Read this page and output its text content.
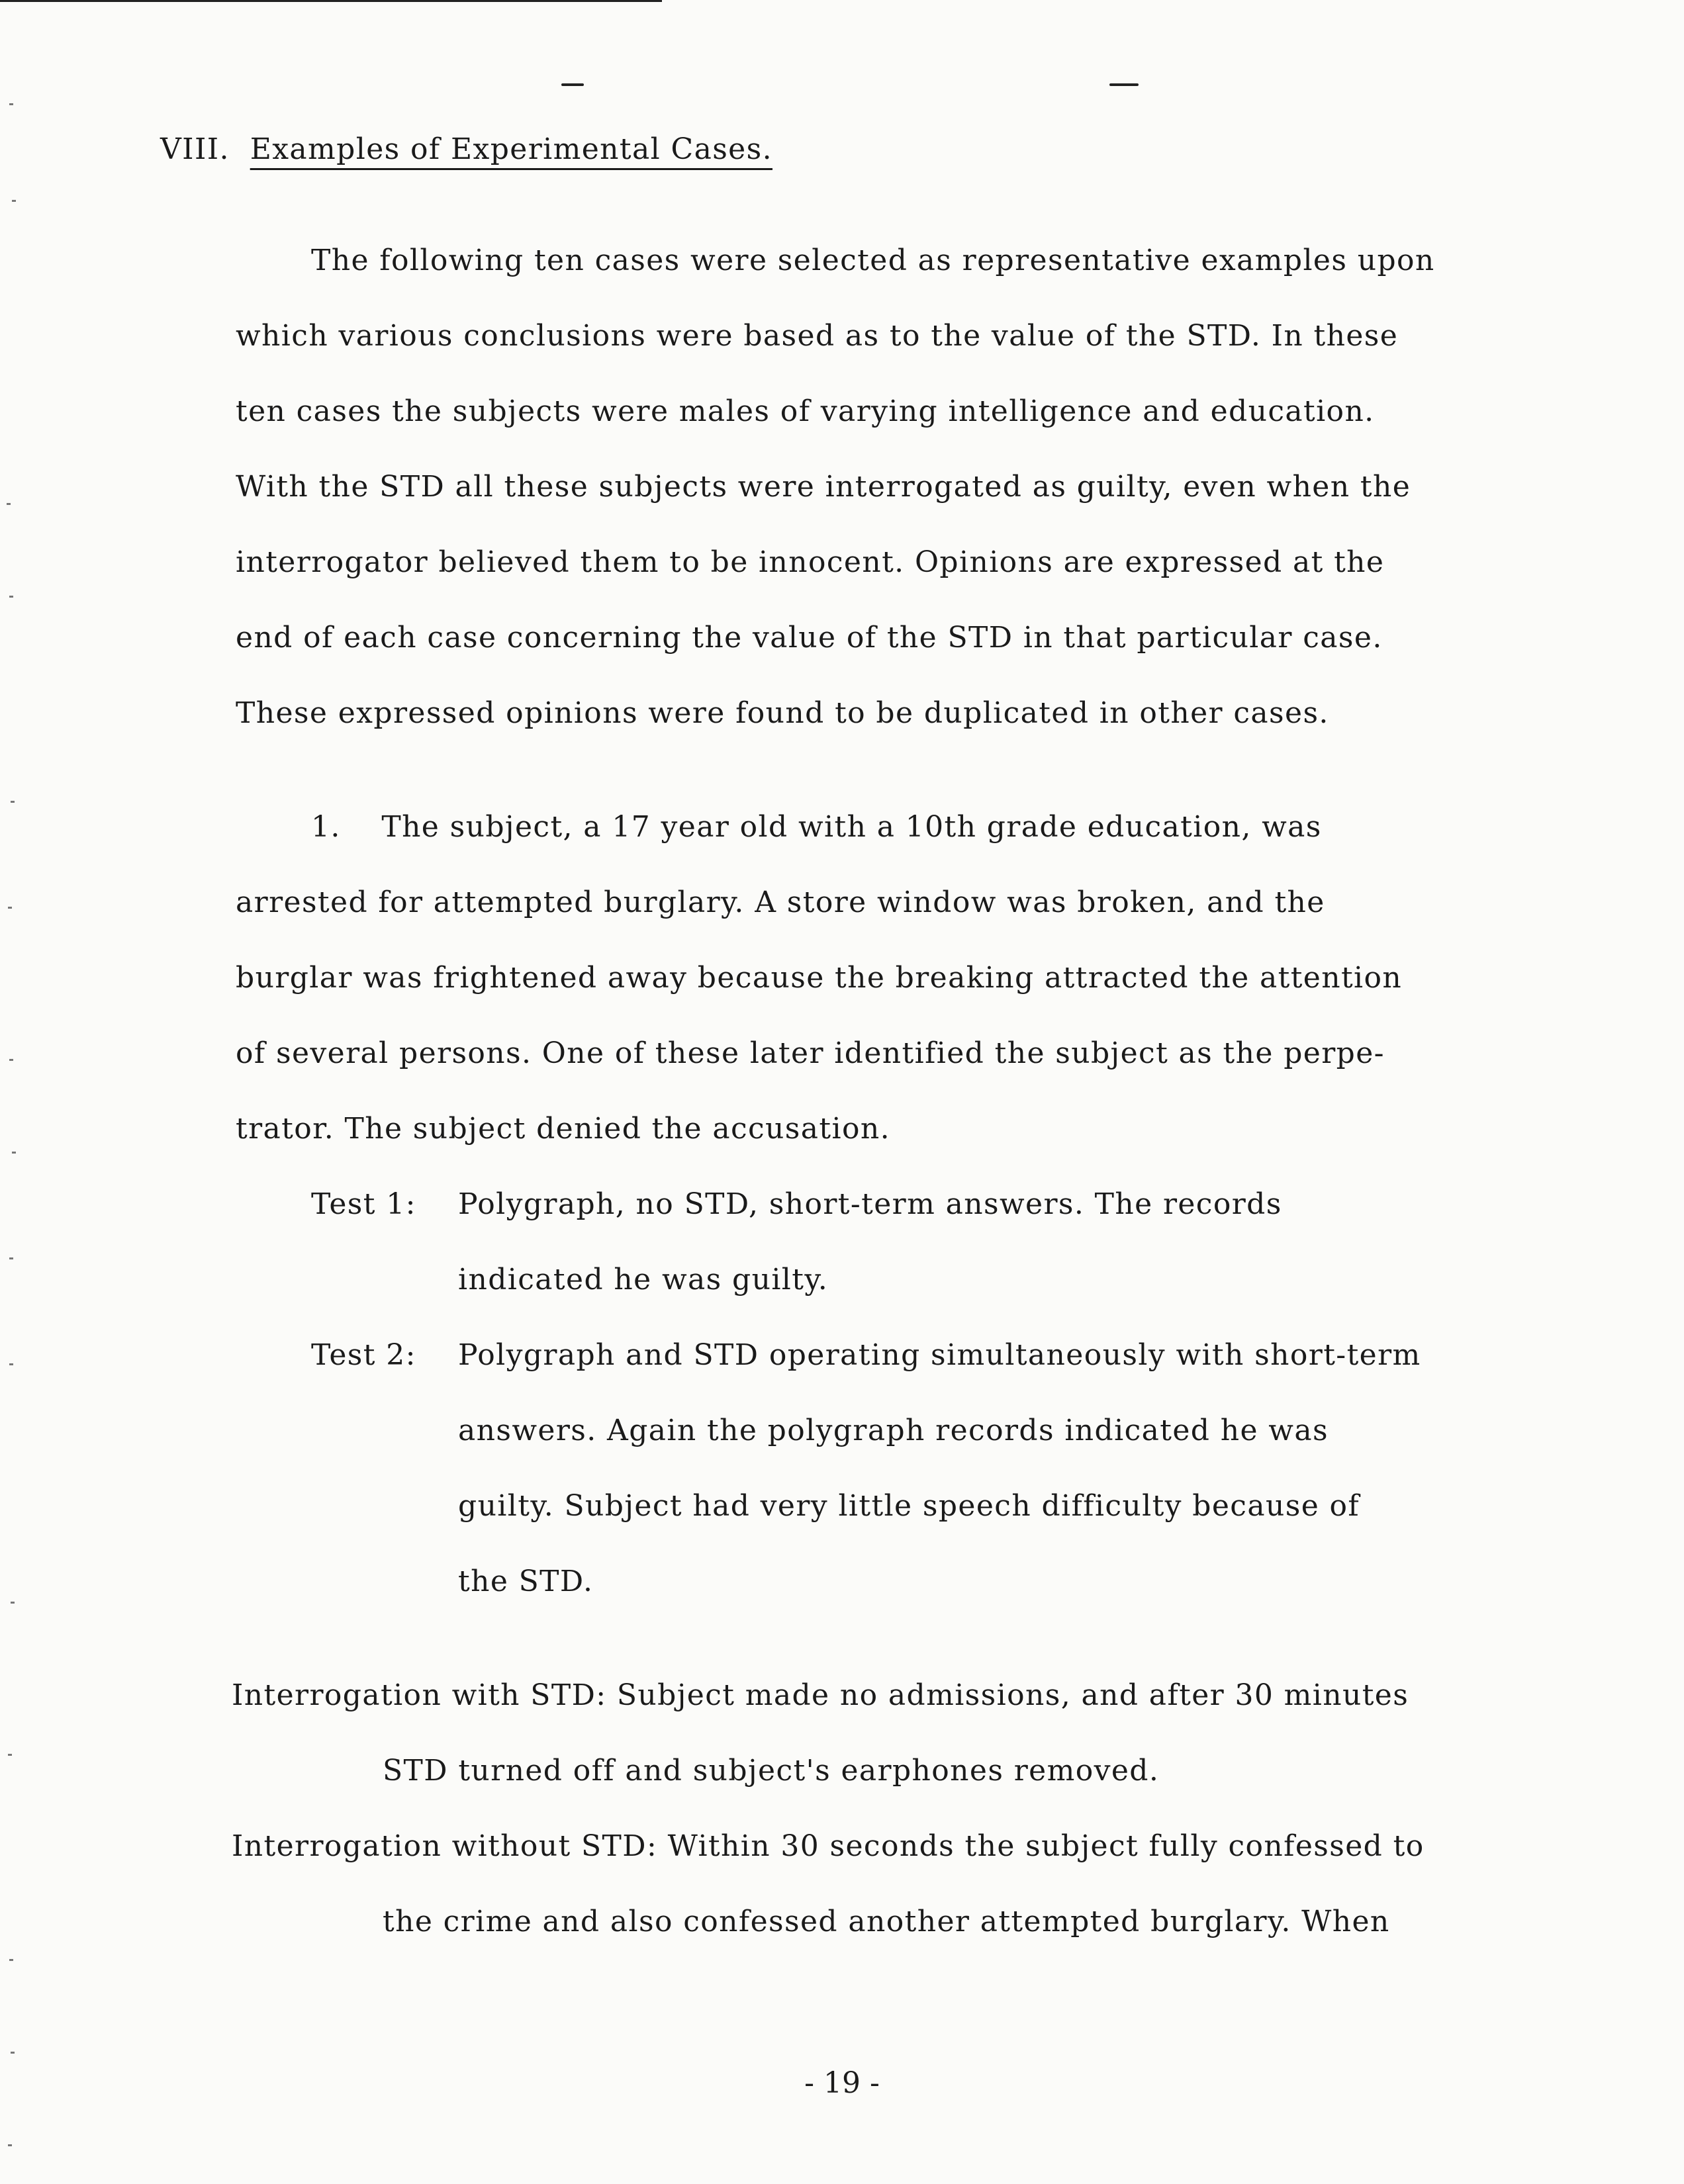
VIII. Examples of Experimental Cases.
The following ten cases were selected as representative examples upon
which various conclusions were based as to the value of the STD. In these
ten cases the subjects were males of varying intelligence and education.
With the STD all these subjects were interrogated as guilty, even when the
interrogator believed them to be innocent. Opinions are expressed at the
end of each case concerning the value of the STD in that particular case.
These expressed opinions were found to be duplicated in other cases.
1.    The subject, a 17 year old with a 10th grade education, was
arrested for attempted burglary. A store window was broken, and the
burglar was frightened away because the breaking attracted the attention
of several persons. One of these later identified the subject as the perpe-
trator. The subject denied the accusation.
Test 1: Polygraph, no STD, short-term answers. The records
indicated he was guilty.
Test 2: Polygraph and STD operating simultaneously with short-term
answers. Again the polygraph records indicated he was
guilty. Subject had very little speech difficulty because of
the STD.
Interrogation with STD: Subject made no admissions, and after 30 minutes
STD turned off and subject's earphones removed.
Interrogation without STD: Within 30 seconds the subject fully confessed to
the crime and also confessed another attempted burglary. When
- 19 -
